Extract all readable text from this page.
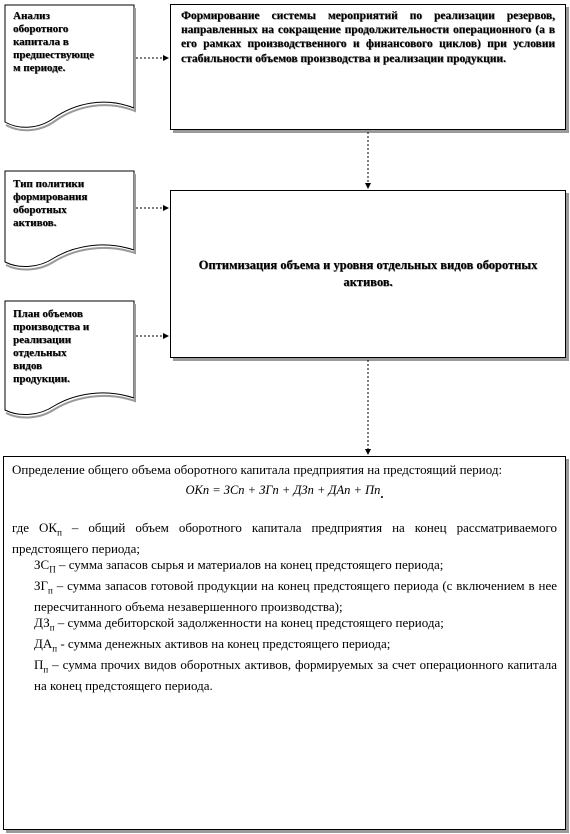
Анализ
оборотного
капитала в
предшествующе
м периоде.
Тип политики
формирования
оборотных
активов.
План объемов
производства и
реализации
отдельных
видов
продукции.
Формирование системы мероприятий по реализации резервов, направленных на сокращение продолжительности операционного (а в его рамках производственного и финансового циклов) при условии стабильности объемов производства и реализации продукции.
Оптимизация объема и уровня отдельных видов оборотных активов.

Определение общего объема оборотного капитала предприятия на предстоящий период:

ОКп = ЗСп + ЗГп + ДЗп + ДАп + Пп.

где $ОК_п$ – общий объем оборотного капитала предприятия на конец рассматриваемого предстоящего периода;

$ЗС_П$ – сумма запасов сырья и материалов на конец предстоящего периода;

$ЗГ_п$ – сумма запасов готовой продукции на конец предстоящего периода (с включением в нее пересчитанного объема незавершенного производства);

$ДЗ_п$ – сумма дебиторской задолженности на конец предстоящего периода;

$ДА_п$ - сумма денежных активов на конец предстоящего периода;

$П_п$ – сумма прочих видов оборотных активов, формируемых за счет операционного капитала на конец предстоящего периода.
